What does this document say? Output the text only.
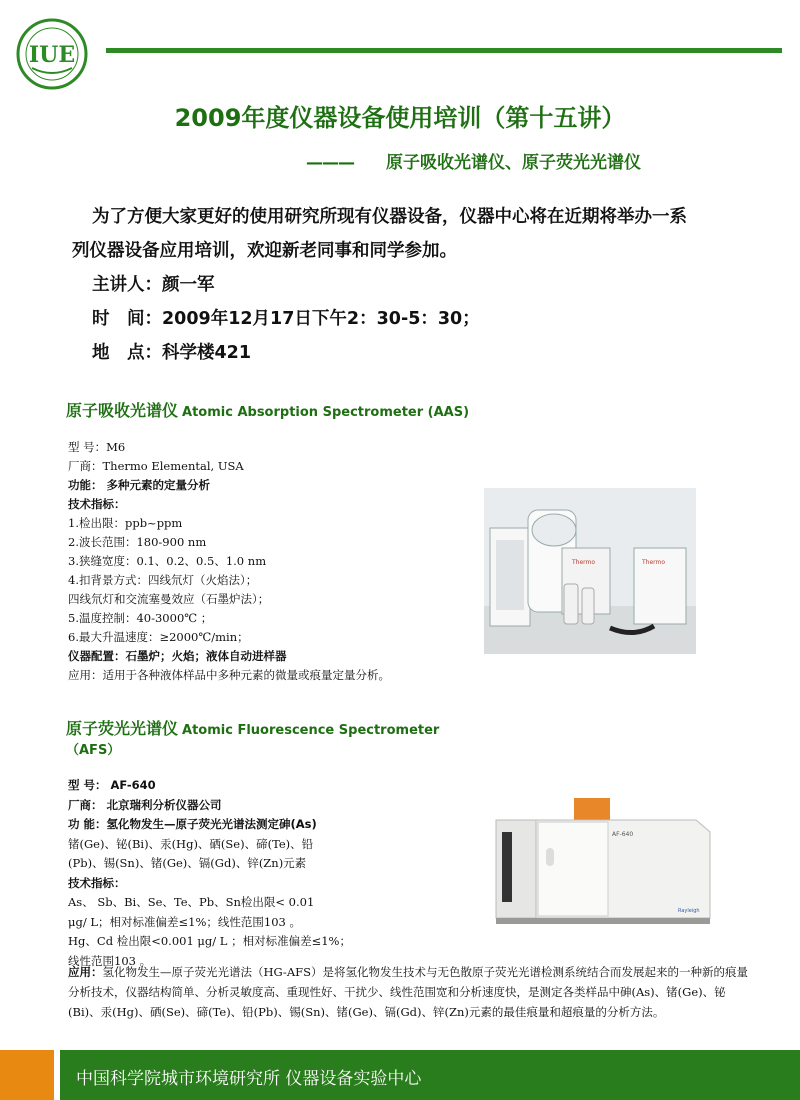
IUE
2009年度仪器设备使用培训（第十五讲）
——— 原子吸收光谱仪、原子荧光光谱仪

为了方便大家更好的使用研究所现有仪器设备，仪器中心将在近期将举办一系

列仪器设备应用培训，欢迎新老同事和同学参加。

主讲人：颜一军

时　间：2009年12月17日下午2：30-5：30；

地　点：科学楼421

原子吸收光谱仪 Atomic Absorption Spectrometer (AAS)
型 号：M6
厂商：Thermo Elemental, USA
功能： 多种元素的定量分析
技术指标：
1.检出限：ppb~ppm
2.波长范围：180-900 nm
3.狭缝宽度：0.1、0.2、0.5、1.0 nm
4.扣背景方式：四线氘灯（火焰法）；
四线氘灯和交流塞曼效应（石墨炉法）；
5.温度控制：40-3000℃ ；
6.最大升温速度：≥2000℃/min；
仪器配置：石墨炉；火焰；液体自动进样器
应用：适用于各种液体样品中多种元素的微量或痕量定量分析。
Thermo	Thermo
原子荧光光谱仪 Atomic Fluorescence Spectrometer
（AFS）
型 号： AF-640
厂商： 北京瑞利分析仪器公司
功 能：氢化物发生—原子荧光光谱法测定砷(As)
锗(Ge)、铋(Bi)、汞(Hg)、硒(Se)、碲(Te)、铅
(Pb)、锡(Sn)、锗(Ge)、镉(Gd)、锌(Zn)元素
技术指标：
As、 Sb、Bi、Se、Te、Pb、Sn检出限< 0.01
μg/ L；相对标准偏差≤1%；线性范围103 。
Hg、Cd 检出限<0.001 μg/ L ；相对标准偏差≤1%；
线性范围103 。
AF-640
Rayleigh
应用：氢化物发生—原子荧光光谱法（HG-AFS）是将氢化物发生技术与无色散原子荧光光谱检测系统结合而发展起来的一种新的痕量分析技术，仪器结构简单、分析灵敏度高、重现性好、干扰少、线性范围宽和分析速度快，是测定各类样品中砷(As)、锗(Ge)、铋(Bi)、汞(Hg)、硒(Se)、碲(Te)、铅(Pb)、锡(Sn)、锗(Ge)、镉(Gd)、锌(Zn)元素的最佳痕量和超痕量的分析方法。
中国科学院城市环境研究所 仪器设备实验中心
